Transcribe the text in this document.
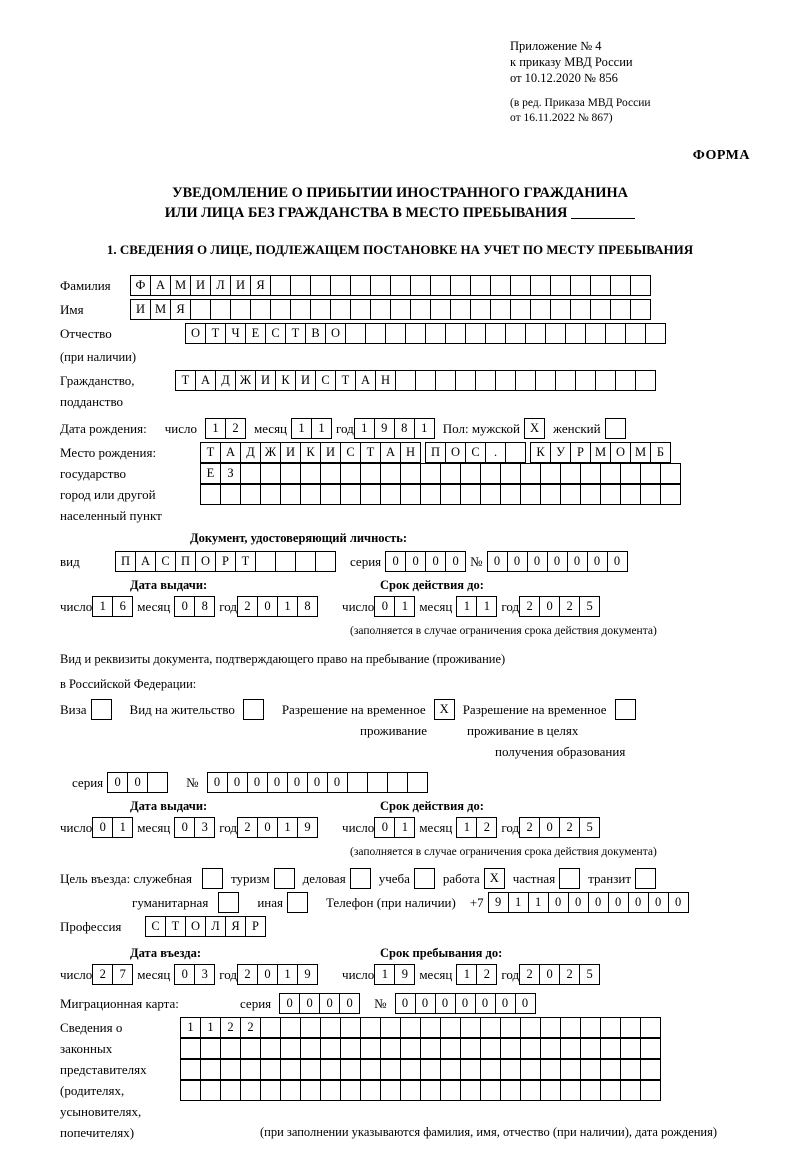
Приложение № 4
к приказу МВД России
от 10.12.2020 № 856
(в ред. Приказа МВД России
от 16.11.2022 № 867)
ФОРМА
УВЕДОМЛЕНИЕ О ПРИБЫТИИ ИНОСТРАННОГО ГРАЖДАНИНА
ИЛИ ЛИЦА БЕЗ ГРАЖДАНСТВА В МЕСТО ПРЕБЫВАНИЯ
1. СВЕДЕНИЯ О ЛИЦЕ, ПОДЛЕЖАЩЕМ ПОСТАНОВКЕ НА УЧЕТ ПО МЕСТУ ПРЕБЫВАНИЯ
Фамилия	Ф А М И Л И Я
Имя	И М Я
Отчество	О Т Ч Е С Т В О
(при наличии)
Гражданство,	Т А Д Ж И К И С Т А Н
подданство
Дата рождения: число	1	2	месяц 1	1 год 1	9	8	1	Пол: мужской X	женский
Место рождения:	Т А Д Ж И К И С Т А Н	П О С	.	К У Р М О М Б
государство	Е	З
город или другой
населенный пункт
Документ, удостоверяющий личность:
вид	П А С П О Р	Т	серия 0	0	0	0 № 0	0	0	0	0	0	0
Дата выдачи:	Срок действия до:
число 1	6 месяц 0	8 год 2	0	1	8	число 0	1 месяц 1	1 год 2	0	2	5
(заполняется в случае ограничения срока действия документа)
Вид и реквизиты документа, подтверждающего право на пребывание (проживание)
в Российской Федерации:
Виза	Вид на жительство	Разрешение на временное	X	Разрешение на временное
проживание	проживание в целях
получения образования
серия 0	0	№	0	0	0	0	0	0	0
Дата выдачи:	Срок действия до:
число 0	1 месяц 0	3 год 2	0	1	9	число 0	1 месяц 1	2 год 2	0	2	5
(заполняется в случае ограничения срока действия документа)
Цель въезда: служебная	туризм	деловая	учеба	работа X	частная	транзит
гуманитарная	иная	Телефон (при наличии) +7 9	1	1	0	0	0	0	0	0	0
Профессия	С Т О Л Я Р
Дата въезда:	Срок пребывания до:
число 2	7 месяц 0	3 год 2	0	1	9	число 1	9 месяц 1	2 год 2	0	2	5
Миграционная карта:	серия	0	0	0	0	№	0	0	0	0	0	0	0
Сведения о	1	1	2	2
законных
представителях
(родителях,
усыновителях,
попечителях)	(при заполнении указываются фамилия, имя, отчество (при наличии), дата рождения)
